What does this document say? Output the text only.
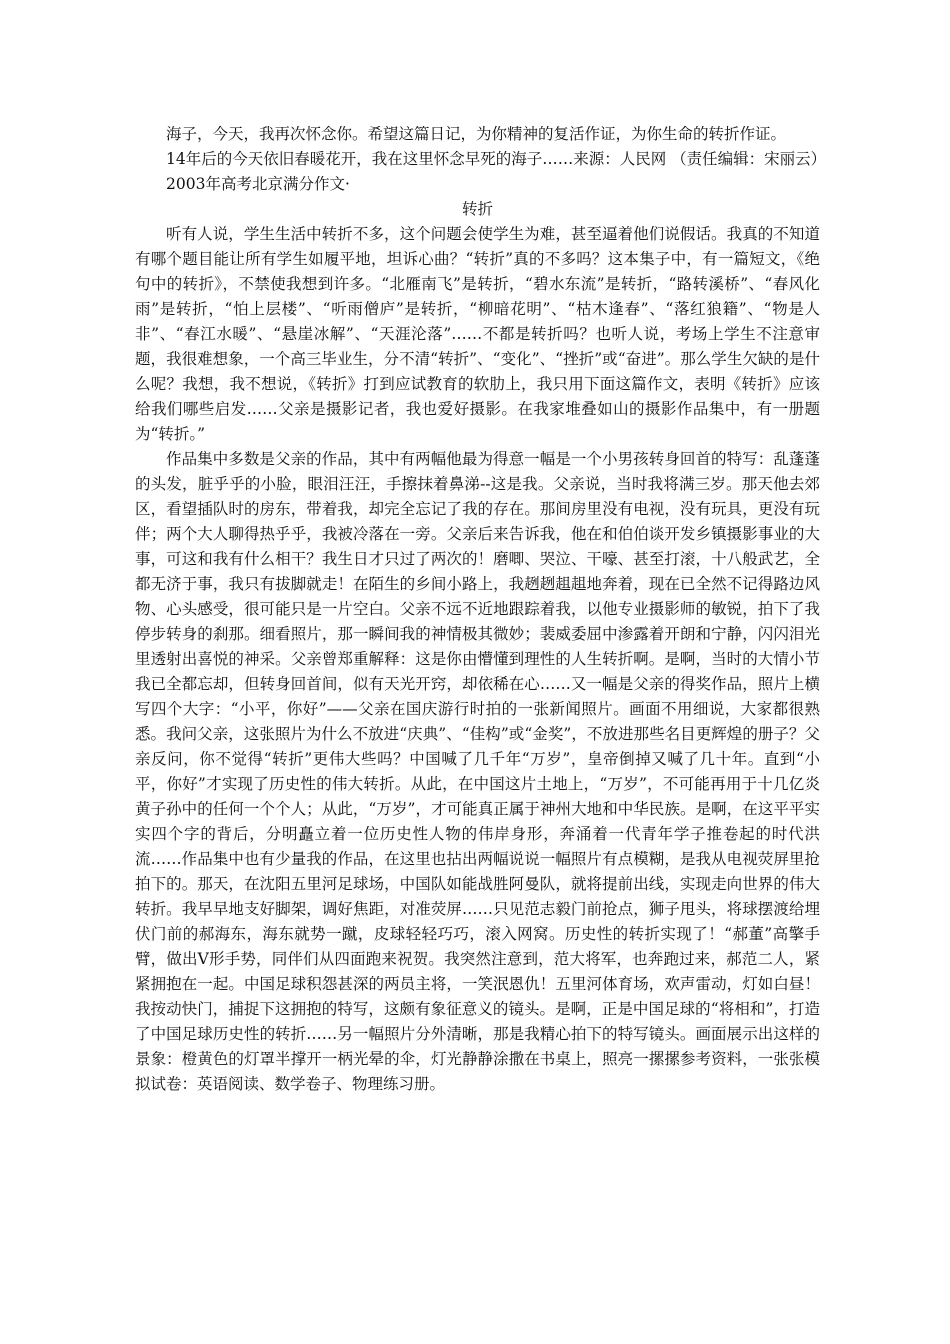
海子，今天，我再次怀念你。希望这篇日记，为你精神的复活作证，为你生命的转折作证。

14年后的今天依旧春暖花开，我在这里怀念早死的海子……来源：人民网 （责任编辑：宋丽云）

2003年高考北京满分作文·

转折

听有人说，学生生活中转折不多，这个问题会使学生为难，甚至逼着他们说假话。我真的不知道有哪个题目能让所有学生如履平地，坦诉心曲？“转折”真的不多吗？这本集子中，有一篇短文，《绝句中的转折》，不禁使我想到许多。“北雁南飞”是转折，“碧水东流”是转折，“路转溪桥”、“春风化雨”是转折，“怕上层楼”、“听雨僧庐”是转折，“柳暗花明”、“枯木逢春”、“落红狼籍”、“物是人非”、“春江水暖”、“悬崖冰解”、“天涯沦落”……不都是转折吗？也听人说，考场上学生不注意审题，我很难想象，一个高三毕业生，分不清“转折”、“变化”、“挫折”或“奋进”。那么学生欠缺的是什么呢？我想，我不想说，《转折》打到应试教育的软肋上，我只用下面这篇作文，表明《转折》应该给我们哪些启发……父亲是摄影记者，我也爱好摄影。在我家堆叠如山的摄影作品集中，有一册题为“转折。”

作品集中多数是父亲的作品，其中有两幅他最为得意一幅是一个小男孩转身回首的特写：乱蓬蓬的头发，脏乎乎的小脸，眼泪汪汪，手擦抹着鼻涕--这是我。父亲说，当时我将满三岁。那天他去郊区，看望插队时的房东，带着我，却完全忘记了我的存在。那间房里没有电视，没有玩具，更没有玩伴；两个大人聊得热乎乎，我被冷落在一旁。父亲后来告诉我，他在和伯伯谈开发乡镇摄影事业的大事，可这和我有什么相干？我生日才只过了两次的！磨唧、哭泣、干嚎、甚至打滚，十八般武艺，全都无济于事，我只有拔脚就走！在陌生的乡间小路上，我趔趔趄趄地奔着，现在已全然不记得路边风物、心头感受，很可能只是一片空白。父亲不远不近地跟踪着我，以他专业摄影师的敏锐，拍下了我停步转身的刹那。细看照片，那一瞬间我的神情极其微妙；裴威委屈中渗露着开朗和宁静，闪闪泪光里透射出喜悦的神采。父亲曾郑重解释：这是你由懵懂到理性的人生转折啊。是啊，当时的大情小节我已全都忘却，但转身回首间，似有天光开窍，却依稀在心……又一幅是父亲的得奖作品，照片上横写四个大字：“小平，你好”——父亲在国庆游行时拍的一张新闻照片。画面不用细说，大家都很熟悉。我问父亲，这张照片为什么不放进“庆典”、“佳构”或“金奖”，不放进那些名目更辉煌的册子？父亲反问，你不觉得“转折”更伟大些吗？中国喊了几千年“万岁”，皇帝倒掉又喊了几十年。直到“小平，你好”才实现了历史性的伟大转折。从此，在中国这片土地上，“万岁”，不可能再用于十几亿炎黄子孙中的任何一个个人；从此，“万岁”，才可能真正属于神州大地和中华民族。是啊，在这平平实实四个字的背后，分明矗立着一位历史性人物的伟岸身形，奔涌着一代青年学子推卷起的时代洪流……作品集中也有少量我的作品，在这里也拈出两幅说说一幅照片有点模糊，是我从电视荧屏里抢拍下的。那天，在沈阳五里河足球场，中国队如能战胜阿曼队，就将提前出线，实现走向世界的伟大转折。我早早地支好脚架，调好焦距，对准荧屏……只见范志毅门前抢点，狮子甩头，将球摆渡给埋伏门前的郝海东，海东就势一蹴，皮球轻轻巧巧，滚入网窝。历史性的转折实现了！“郝董”高擎手臂，做出V形手势，同伴们从四面跑来祝贺。我突然注意到，范大将军，也奔跑过来，郝范二人，紧紧拥抱在一起。中国足球积怨甚深的两员主将，一笑泯恩仇！五里河体育场，欢声雷动，灯如白昼！我按动快门，捕捉下这拥抱的特写，这颇有象征意义的镜头。是啊，正是中国足球的“将相和”，打造了中国足球历史性的转折……另一幅照片分外清晰，那是我精心拍下的特写镜头。画面展示出这样的景象：橙黄色的灯罩半撑开一柄光晕的伞，灯光静静涂撒在书桌上，照亮一摞摞参考资料，一张张模拟试卷：英语阅读、数学卷子、物理练习册。
